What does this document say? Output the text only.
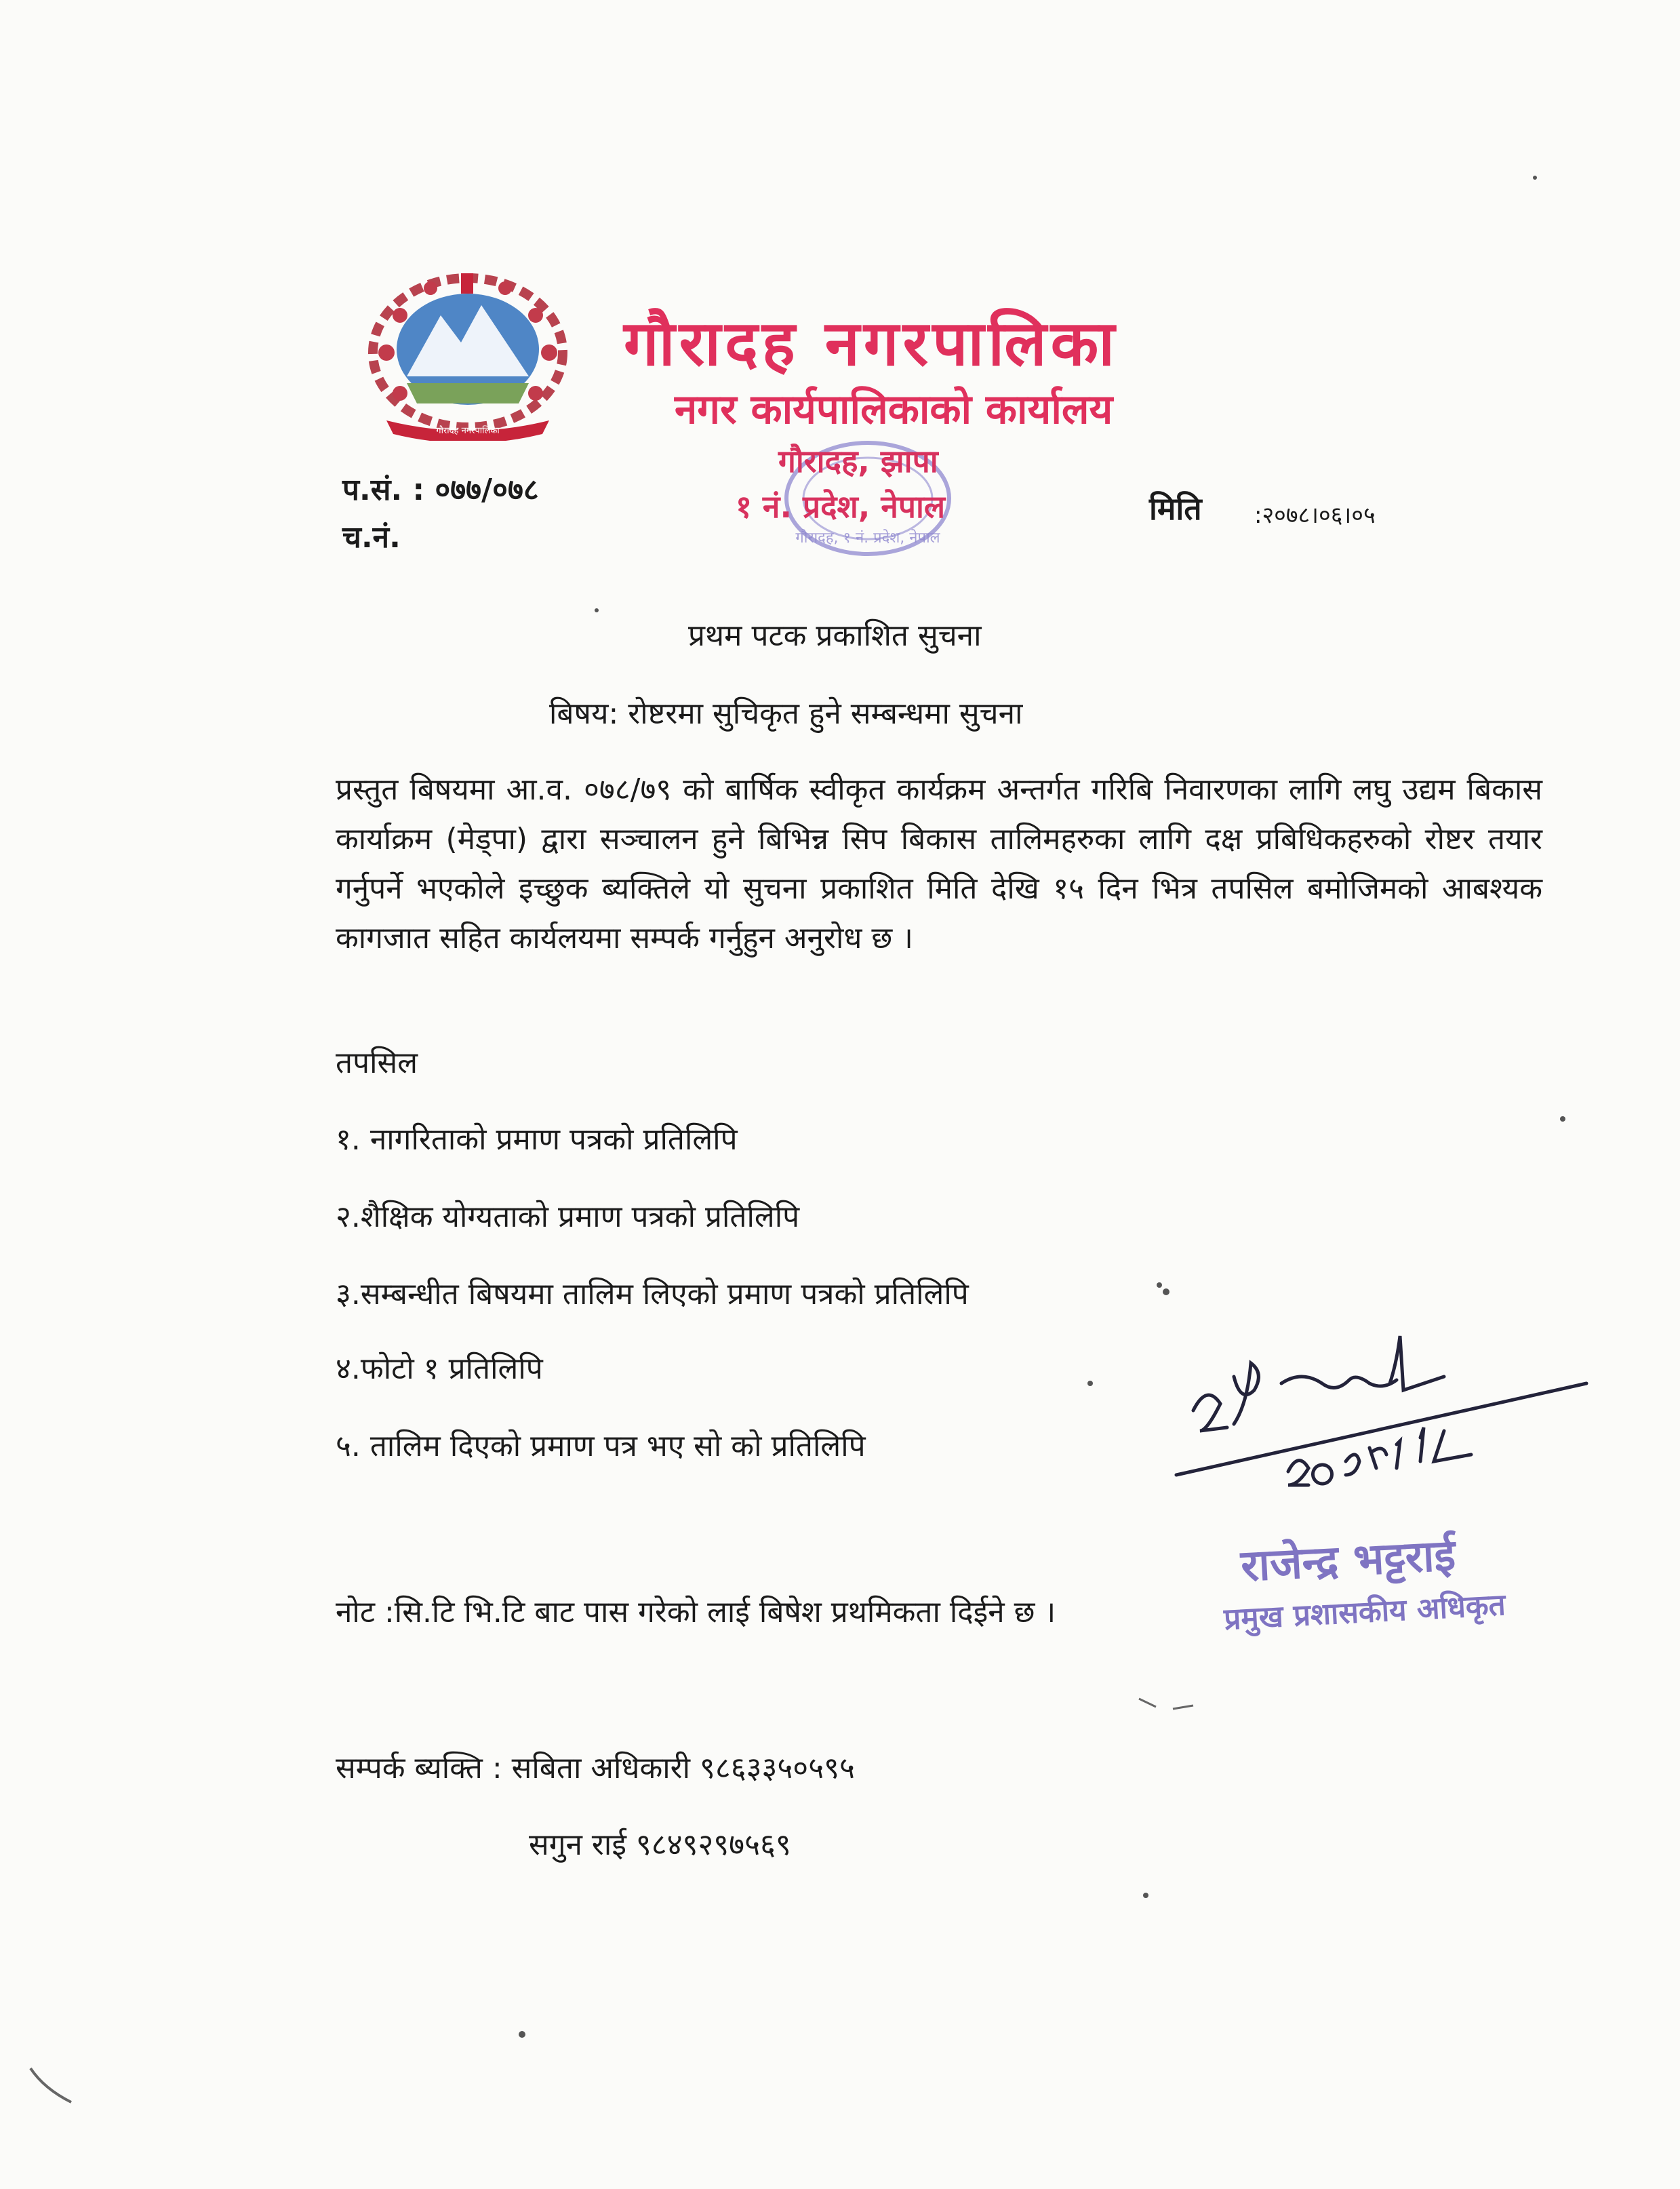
गौरादह नगरपालिका
गौरादह नगरपालिका
नगर कार्यपालिकाको कार्यालय
गौरादह, १ नं. प्रदेश, नेपाल
गौरादह, झापा
१ नं. प्रदेश, नेपाल
प.सं. : ०७७/०७८
च.नं.
मिति :२०७८।०६।०५
प्रथम पटक प्रकाशित सुचना
बिषय: रोष्टरमा सुचिकृत हुने सम्बन्धमा सुचना
प्रस्तुत बिषयमा आ.व. ०७८/७९ को बार्षिक स्वीकृत कार्यक्रम अन्तर्गत गरिबि निवारणका लागि लघु उद्यम बिकास कार्याक्रम (मेड्पा) द्वारा सञ्चालन हुने बिभिन्न सिप बिकास तालिमहरुका लागि दक्ष प्रबिधिकहरुको रोष्टर तयार गर्नुपर्ने भएकोले इच्छुक ब्यक्तिले यो सुचना प्रकाशित मिति देखि १५ दिन भित्र तपसिल बमोजिमको आबश्यक कागजात सहित कार्यलयमा सम्पर्क गर्नुहुन अनुरोध छ ।
तपसिल
१. नागरिताको प्रमाण पत्रको प्रतिलिपि
२.शैक्षिक योग्यताको प्रमाण पत्रको प्रतिलिपि
३.सम्बन्धीत बिषयमा तालिम लिएको प्रमाण पत्रको प्रतिलिपि
४.फोटो १ प्रतिलिपि
५. तालिम दिएको प्रमाण पत्र भए सो को प्रतिलिपि
नोट :सि.टि भि.टि बाट पास गरेको लाई बिषेश प्रथमिकता दिईने छ ।
सम्पर्क ब्यक्ति : सबिता अधिकारी ९८६३३५०५९५
सगुन राई ९८४९२९७५६९
राजेन्द्र भट्टराई
प्रमुख प्रशासकीय अधिकृत
